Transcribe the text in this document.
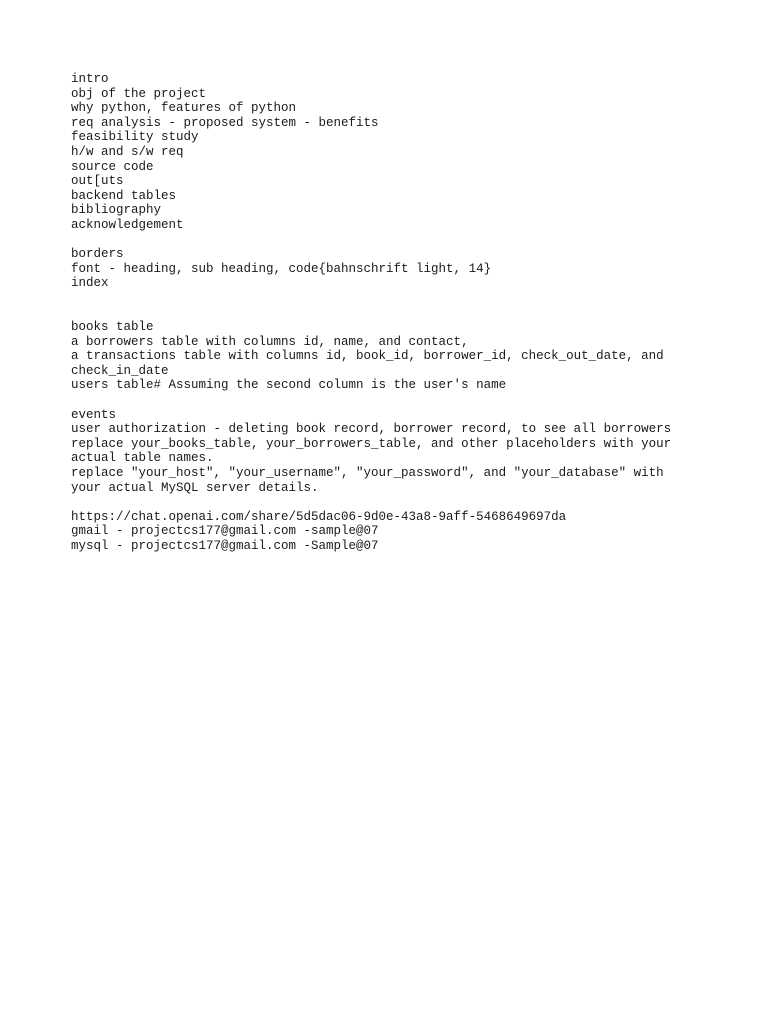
intro

obj of the project

why python, features of python

req analysis - proposed system - benefits

feasibility study

h/w and s/w req

source code

out[uts

backend tables

bibliography

acknowledgement

borders

font - heading, sub heading, code{bahnschrift light, 14}

index

books table

a borrowers table with columns id, name, and contact,

a transactions table with columns id, book_id, borrower_id, check_out_date, and

check_in_date

users table# Assuming the second column is the user's name

events

user authorization - deleting book record, borrower record, to see all borrowers

replace your_books_table, your_borrowers_table, and other placeholders with your

actual table names.

replace "your_host", "your_username", "your_password", and "your_database" with

your actual MySQL server details.

https://chat.openai.com/share/5d5dac06-9d0e-43a8-9aff-5468649697da

gmail - projectcs177@gmail.com -sample@07

mysql - projectcs177@gmail.com -Sample@07
